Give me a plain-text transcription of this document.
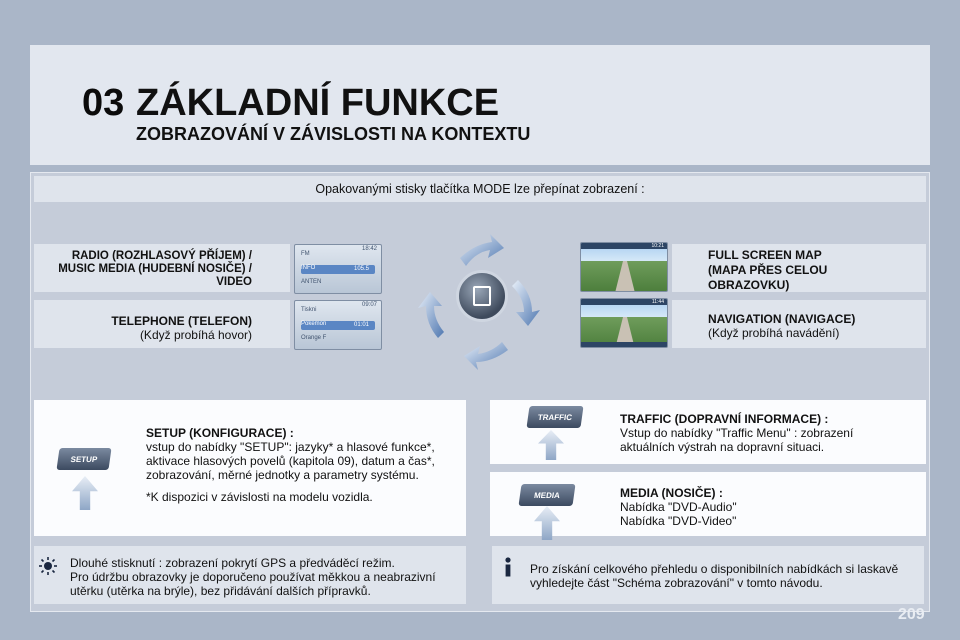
03 ZÁKLADNÍ FUNKCE
ZOBRAZOVÁNÍ V ZÁVISLOSTI NA KONTEXTU
Opakovanými stisky tlačítka MODE lze přepínat zobrazení :
RADIO (ROZHLASOVÝ PŘÍJEM) /
MUSIC MEDIA (HUDEBNÍ NOSIČE) /
VIDEO
TELEPHONE (TELEFON)
(Když probíhá hovor)
FULL SCREEN MAP
(MAPA PŘES CELOU
OBRAZOVKU)
NAVIGATION (NAVIGACE)
(Když probíhá navádění)
FM
INFO
ANTEN
18:42
105.5
Tiskni
Pokemon
Orange F
09:07
01:01
10:21
11:44
SETUP
SETUP (KONFIGURACE) :
vstup do nabídky "SETUP": jazyky* a hlasové funkce*,
aktivace hlasových povelů (kapitola 09), datum a čas*,
zobrazování, měrné jednotky a parametry systému.
*K dispozici v závislosti na modelu vozidla.
TRAFFIC	TRAFFIC (DOPRAVNÍ INFORMACE) :
Vstup do nabídky "Traffic Menu" : zobrazení
aktuálních výstrah na dopravní situaci.
MEDIA	MEDIA (NOSIČE) :
Nabídka "DVD-Audio"
Nabídka "DVD-Video"
Dlouhé stisknutí : zobrazení pokrytí GPS a předváděcí režim.
Pro údržbu obrazovky je doporučeno používat měkkou a neabrazivní
utěrku (utěrka na brýle), bez přidávání dalších přípravků.
Pro získání celkového přehledu o disponibilních nabídkách si laskavě
vyhledejte část "Schéma zobrazování" v tomto návodu.
209
